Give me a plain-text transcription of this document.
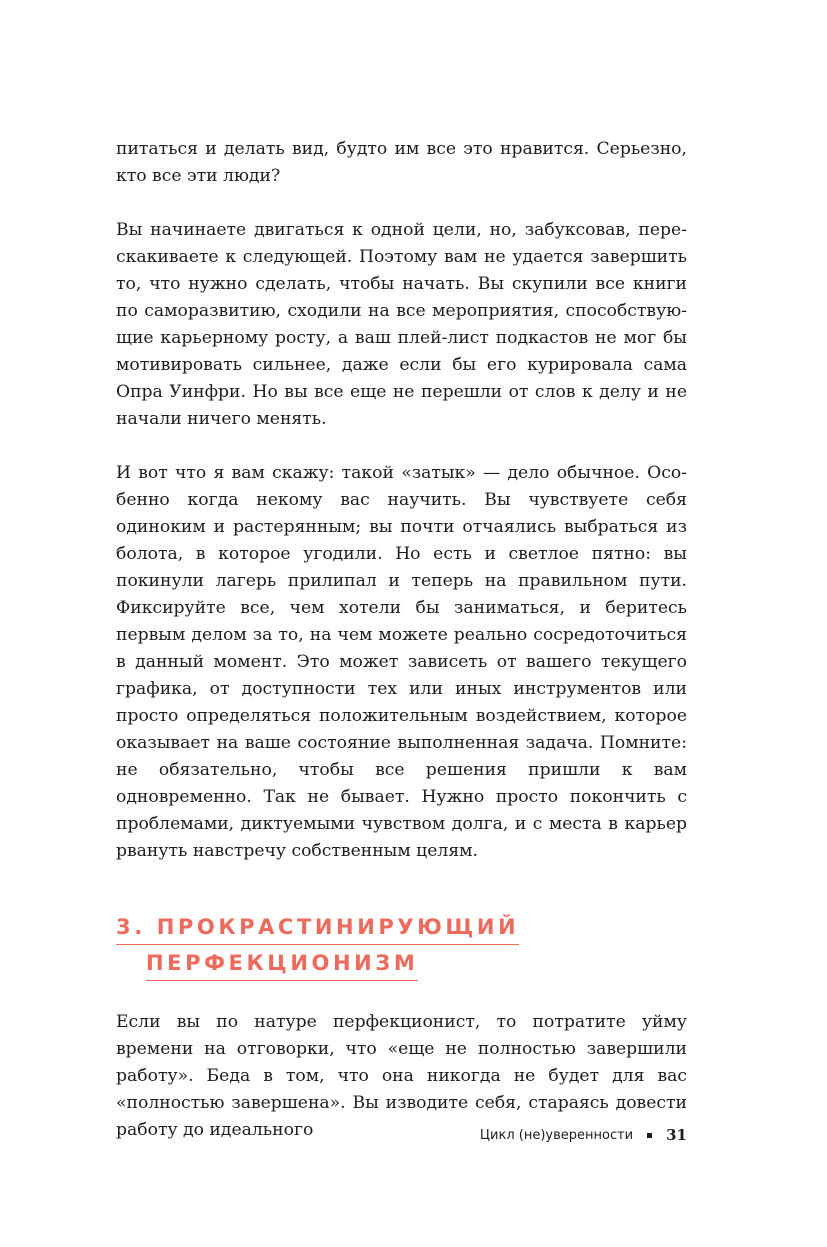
питаться и делать вид, будто им все это нравится. Серьезно, кто все эти люди?

Вы начинаете двигаться к одной цели, но, забуксовав, перескакиваете к следующей. Поэтому вам не удается завершить то, что нужно сделать, чтобы начать. Вы скупили все книги по саморазвитию, сходили на все мероприятия, способствующие карьерному росту, а ваш плей-лист подкастов не мог бы мотивировать сильнее, даже если бы его курировала сама Опра Уинфри. Но вы все еще не перешли от слов к делу и не начали ничего менять.

И вот что я вам скажу: такой «затык» — дело обычное. Особенно когда некому вас научить. Вы чувствуете себя одиноким и растерянным; вы почти отчаялись выбраться из болота, в которое угодили. Но есть и светлое пятно: вы покинули лагерь прилипал и теперь на правильном пути. Фиксируйте все, чем хотели бы заниматься, и беритесь первым делом за то, на чем можете реально сосредоточиться в данный момент. Это может зависеть от вашего текущего графика, от доступности тех или иных инструментов или просто определяться положительным воздействием, которое оказывает на ваше состояние выполненная задача. Помните: не обязательно, чтобы все решения пришли к вам одновременно. Так не бывает. Нужно просто покончить с проблемами, диктуемыми чувством долга, и с места в карьер рвануть навстречу собственным целям.

3. ПРОКРАСТИНИРУЮЩИЙ
ПЕРФЕКЦИОНИЗМ

Если вы по натуре перфекционист, то потратите уйму времени на отговорки, что «еще не полностью завершили работу». Беда в том, что она никогда не будет для вас «полностью завершена». Вы изводите себя, стараясь довести работу до идеального	Цикл (не)уверенности 31
